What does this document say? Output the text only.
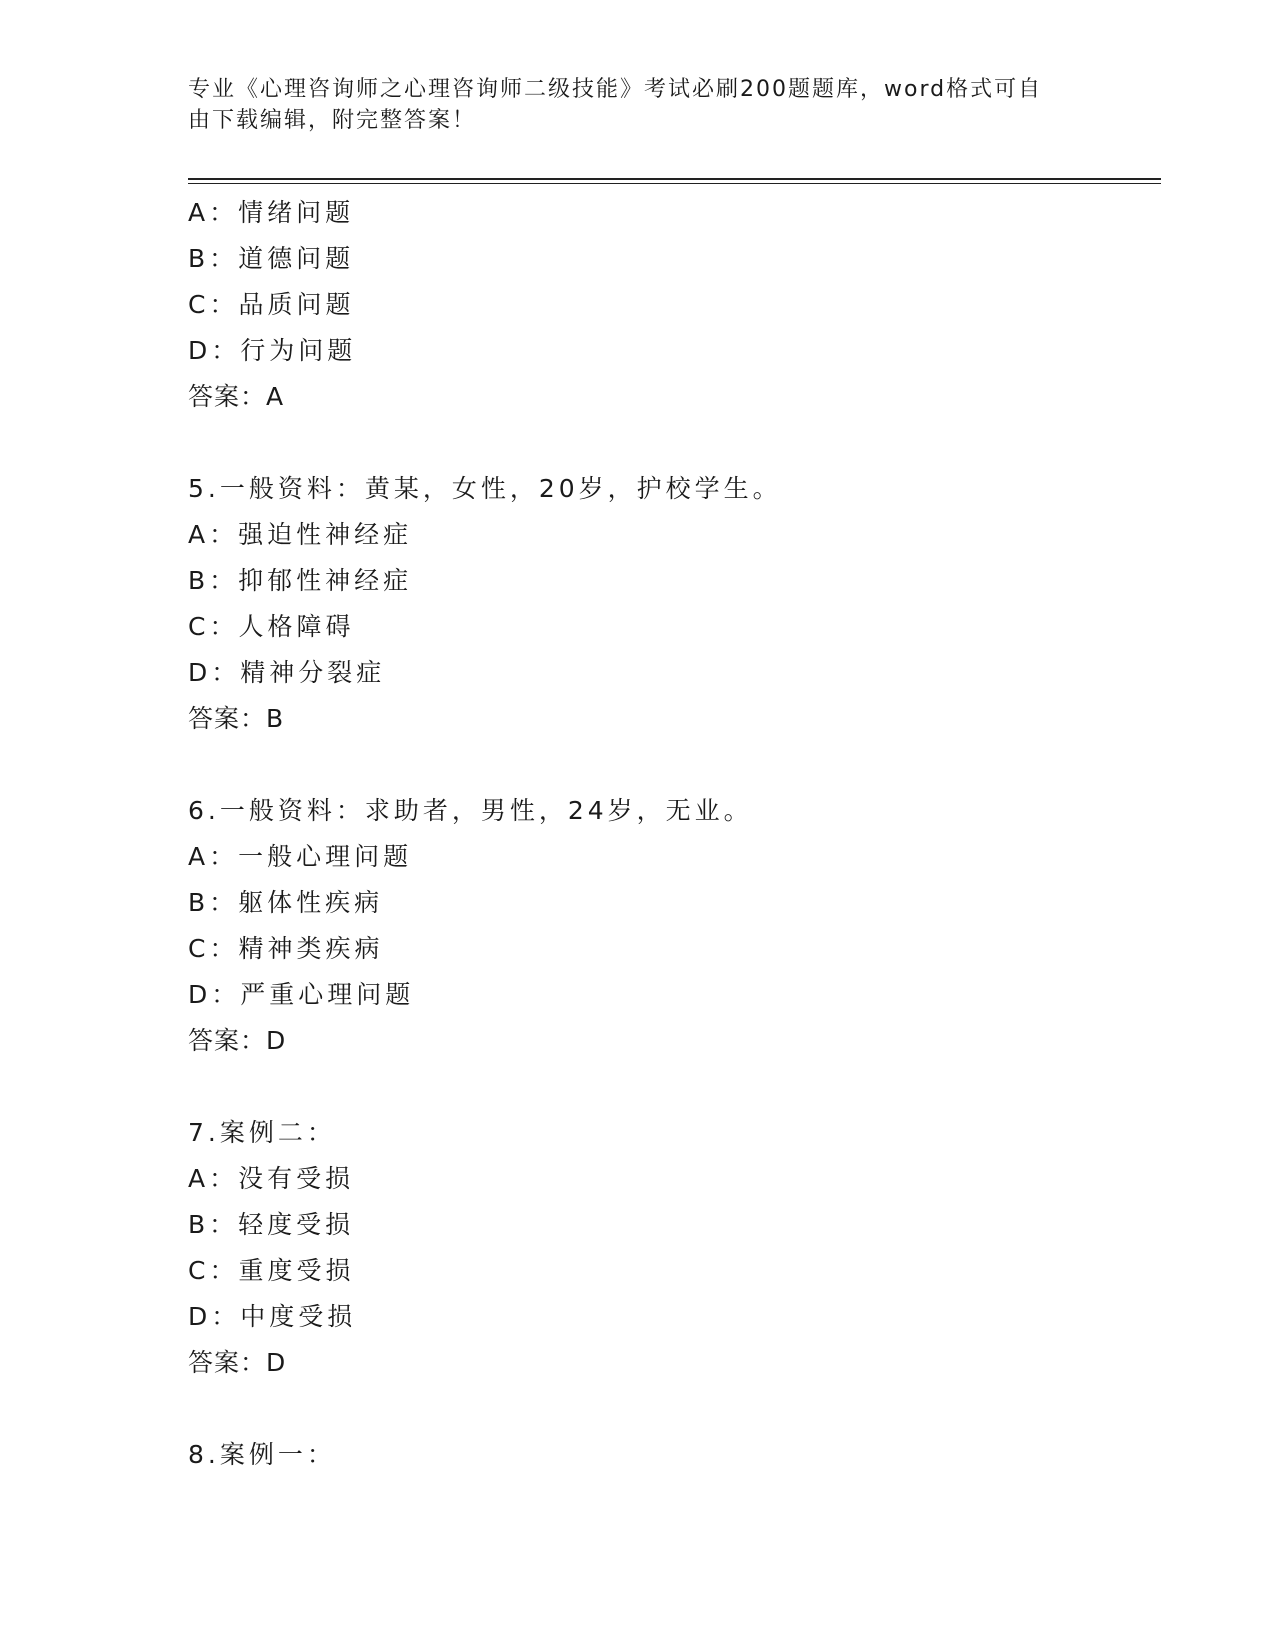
专业《心理咨询师之心理咨询师二级技能》考试必刷200题题库，word格式可自
由下载编辑，附完整答案！
A：情绪问题
B：道德问题
C：品质问题
D：行为问题
答案：A
5.一般资料：黄某，女性，20岁，护校学生。
A：强迫性神经症
B：抑郁性神经症
C：人格障碍
D：精神分裂症
答案：B
6.一般资料：求助者，男性，24岁，无业。
A：一般心理问题
B：躯体性疾病
C：精神类疾病
D：严重心理问题
答案：D
7.案例二：
A：没有受损
B：轻度受损
C：重度受损
D：中度受损
答案：D
8.案例一：
